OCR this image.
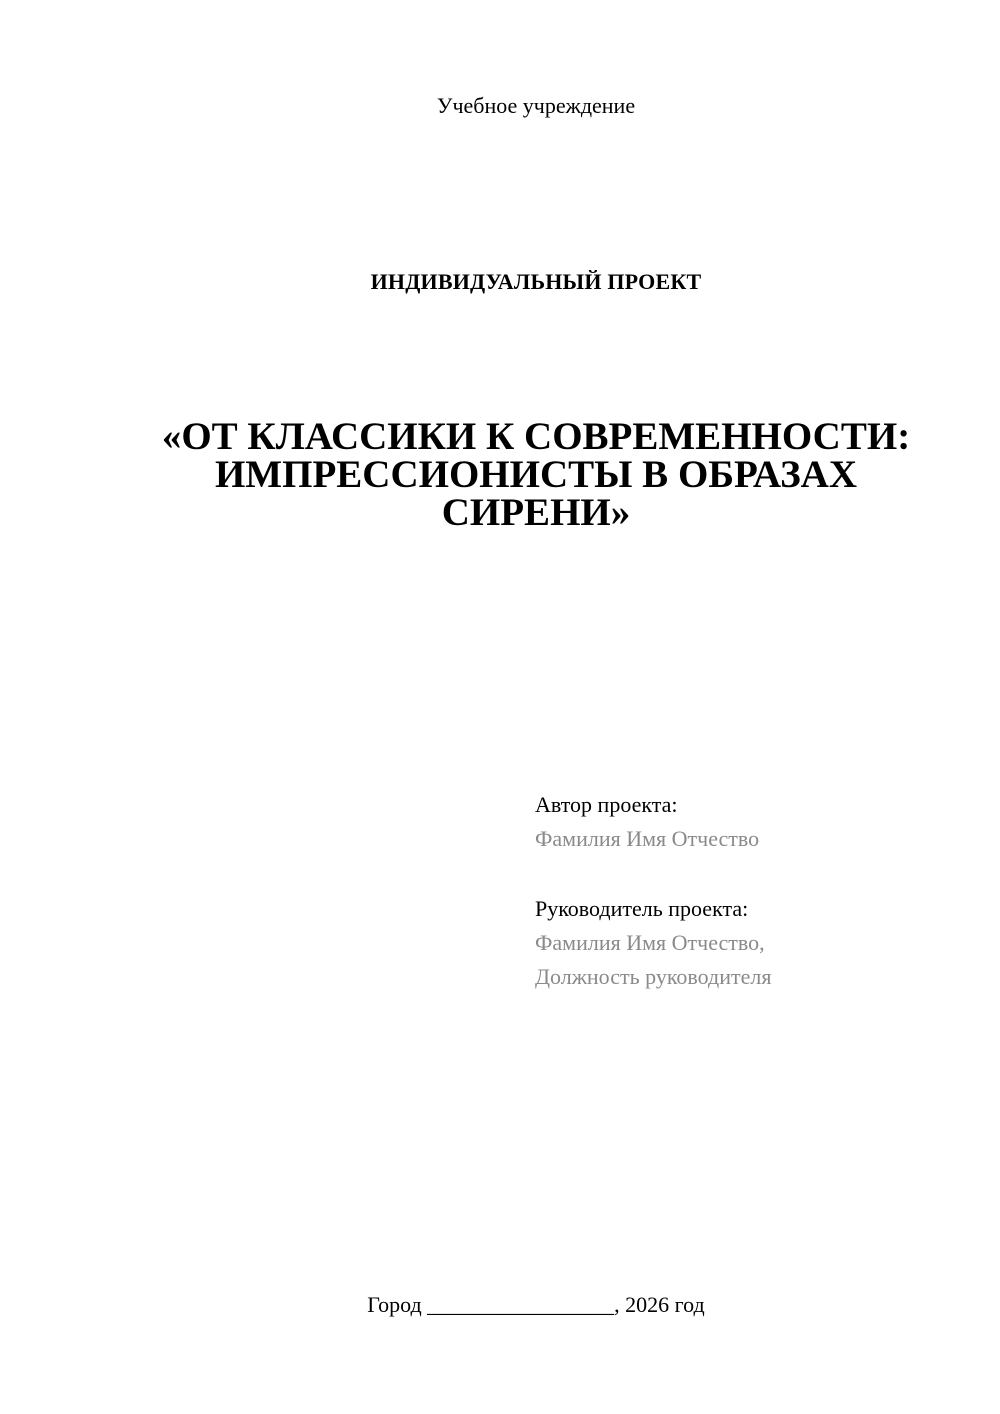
Учебное учреждение
ИНДИВИДУАЛЬНЫЙ ПРОЕКТ
«ОТ КЛАССИКИ К СОВРЕМЕННОСТИ:
ИМПРЕССИОНИСТЫ В ОБРАЗАХ
СИРЕНИ»
Автор проекта:
Фамилия Имя Отчество
Руководитель проекта:
Фамилия Имя Отчество,
Должность руководителя
Город _________________, 2026 год
